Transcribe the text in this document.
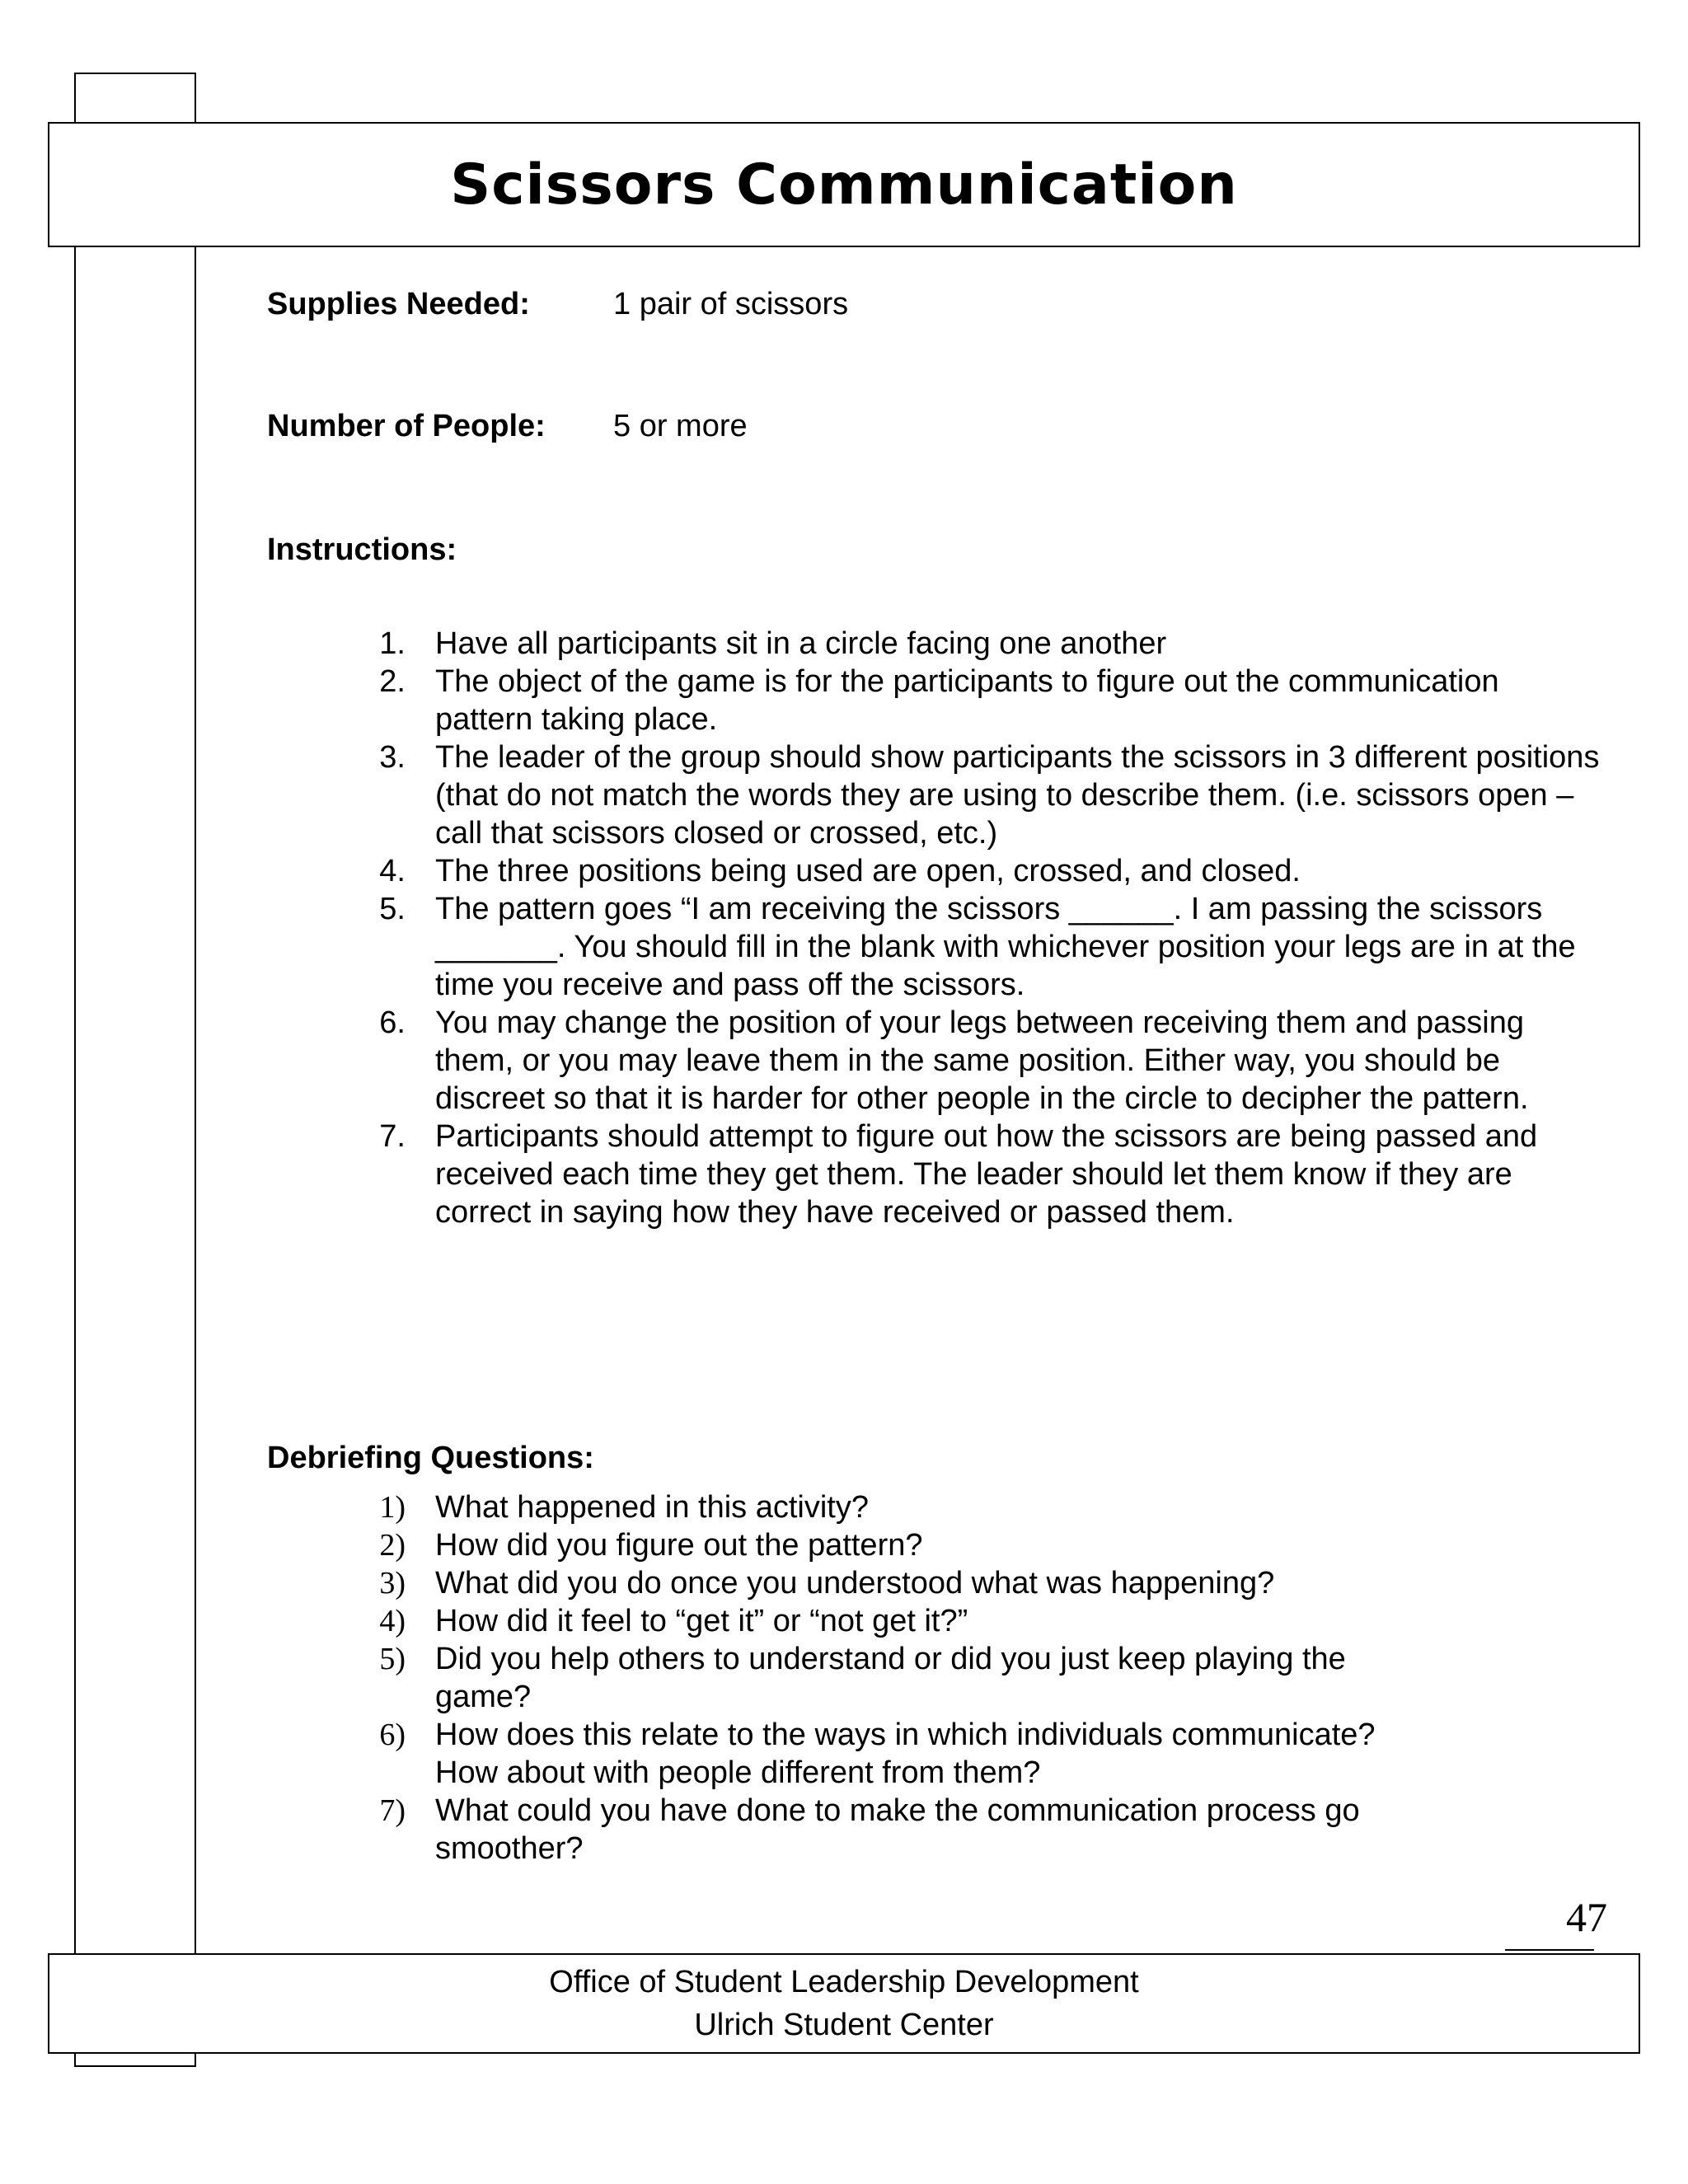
Scissors Communication
Supplies Needed:	1 pair of scissors
Number of People: 5 or more
Instructions:
1. Have all participants sit in a circle facing one another
2. The object of the game is for the participants to figure out the communication pattern taking place.
3. The leader of the group should show participants the scissors in 3 different positions (that do not match the words they are using to describe them. (i.e. scissors open – call that scissors closed or crossed, etc.)
4. The three positions being used are open, crossed, and closed.
5. The pattern goes “I am receiving the scissors ______. I am passing the scissors _______. You should fill in the blank with whichever position your legs are in at the time you receive and pass off the scissors.
6. You may change the position of your legs between receiving them and passing them, or you may leave them in the same position. Either way, you should be discreet so that it is harder for other people in the circle to decipher the pattern.
7. Participants should attempt to figure out how the scissors are being passed and received each time they get them. The leader should let them know if they are correct in saying how they have received or passed them.
Debriefing Questions:
1) What happened in this activity?
2) How did you figure out the pattern?
3) What did you do once you understood what was happening?
4) How did it feel to “get it” or “not get it?”
5) Did you help others to understand or did you just keep playing the game?
6) How does this relate to the ways in which individuals communicate? How about with people different from them?
7) What could you have done to make the communication process go smoother?
47
Office of Student Leadership Development
Ulrich Student Center
